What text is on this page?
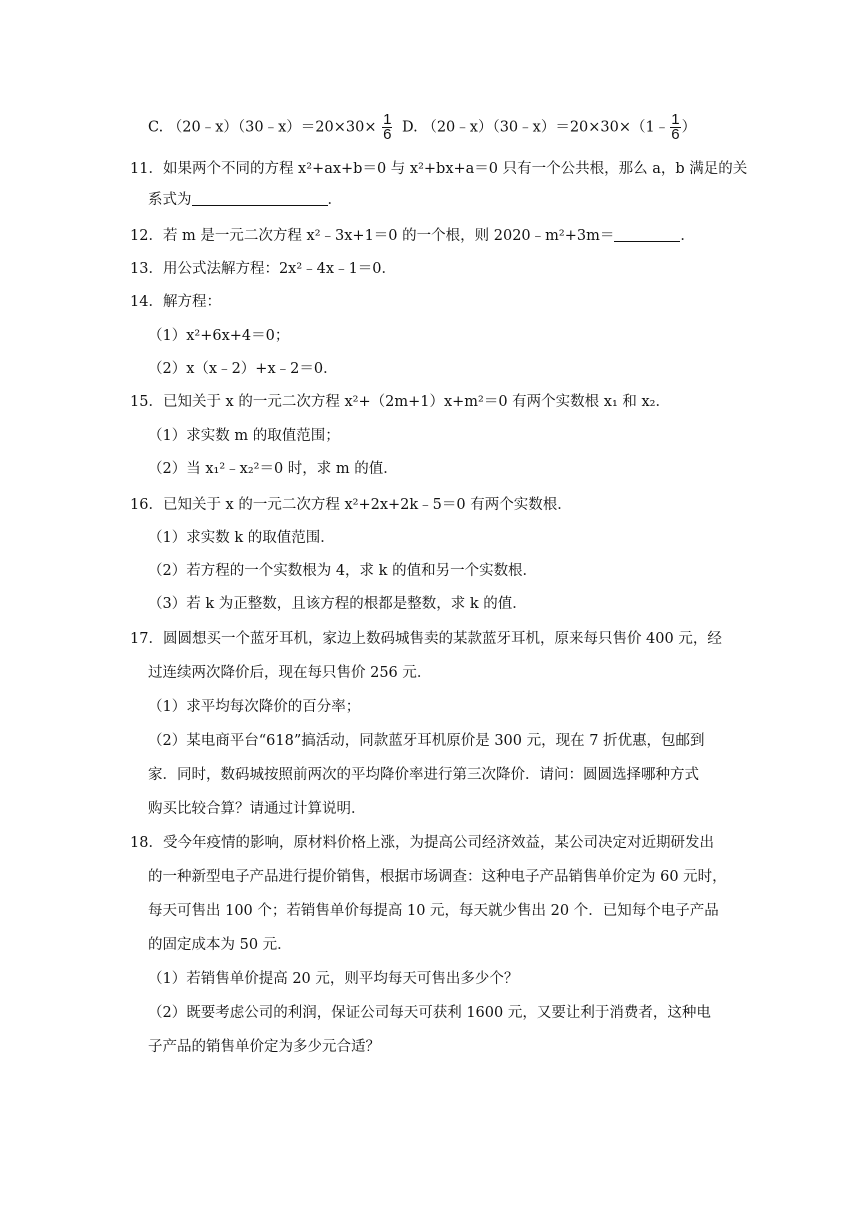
C. （20﹣x）（30﹣x）＝20×30× $\frac{1}{6} D$. （20﹣x）（30﹣x）＝20×30×（1﹣ $\frac{1}{6}$ ）
11．如果两个不同的方程 x²+ax+b＝0 与 x²+bx+a＝0 只有一个公共根，那么 a，b 满足的关
系式为	．
12．若 m 是一元二次方程 x²﹣3x+1＝0 的一个根，则 2020﹣m²+3m＝	．
13．用公式法解方程：2x²﹣4x﹣1＝0．
14．解方程：
（1）x²+6x+4＝0；
（2）x（x﹣2）+x﹣2＝0．
15．已知关于 x 的一元二次方程 x²+（2m+1）x+m²＝0 有两个实数根 x₁ 和 x₂．
（1）求实数 m 的取值范围；
（2）当 x₁²﹣x₂²＝0 时，求 m 的值．
16．已知关于 x 的一元二次方程 x²+2x+2k﹣5＝0 有两个实数根．
（1）求实数 k 的取值范围．
（2）若方程的一个实数根为 4，求 k 的值和另一个实数根．
（3）若 k 为正整数，且该方程的根都是整数，求 k 的值．
17．圆圆想买一个蓝牙耳机，家边上数码城售卖的某款蓝牙耳机，原来每只售价 400 元，经
过连续两次降价后，现在每只售价 256 元．
（1）求平均每次降价的百分率；
（2）某电商平台“618”搞活动，同款蓝牙耳机原价是 300 元，现在 7 折优惠，包邮到
家．同时，数码城按照前两次的平均降价率进行第三次降价．请问：圆圆选择哪种方式
购买比较合算？请通过计算说明．
18．受今年疫情的影响，原材料价格上涨，为提高公司经济效益，某公司决定对近期研发出
的一种新型电子产品进行提价销售，根据市场调查：这种电子产品销售单价定为 60 元时，
每天可售出 100 个；若销售单价每提高 10 元，每天就少售出 20 个．已知每个电子产品
的固定成本为 50 元．
（1）若销售单价提高 20 元，则平均每天可售出多少个？
（2）既要考虑公司的利润，保证公司每天可获利 1600 元，又要让利于消费者，这种电
子产品的销售单价定为多少元合适？
